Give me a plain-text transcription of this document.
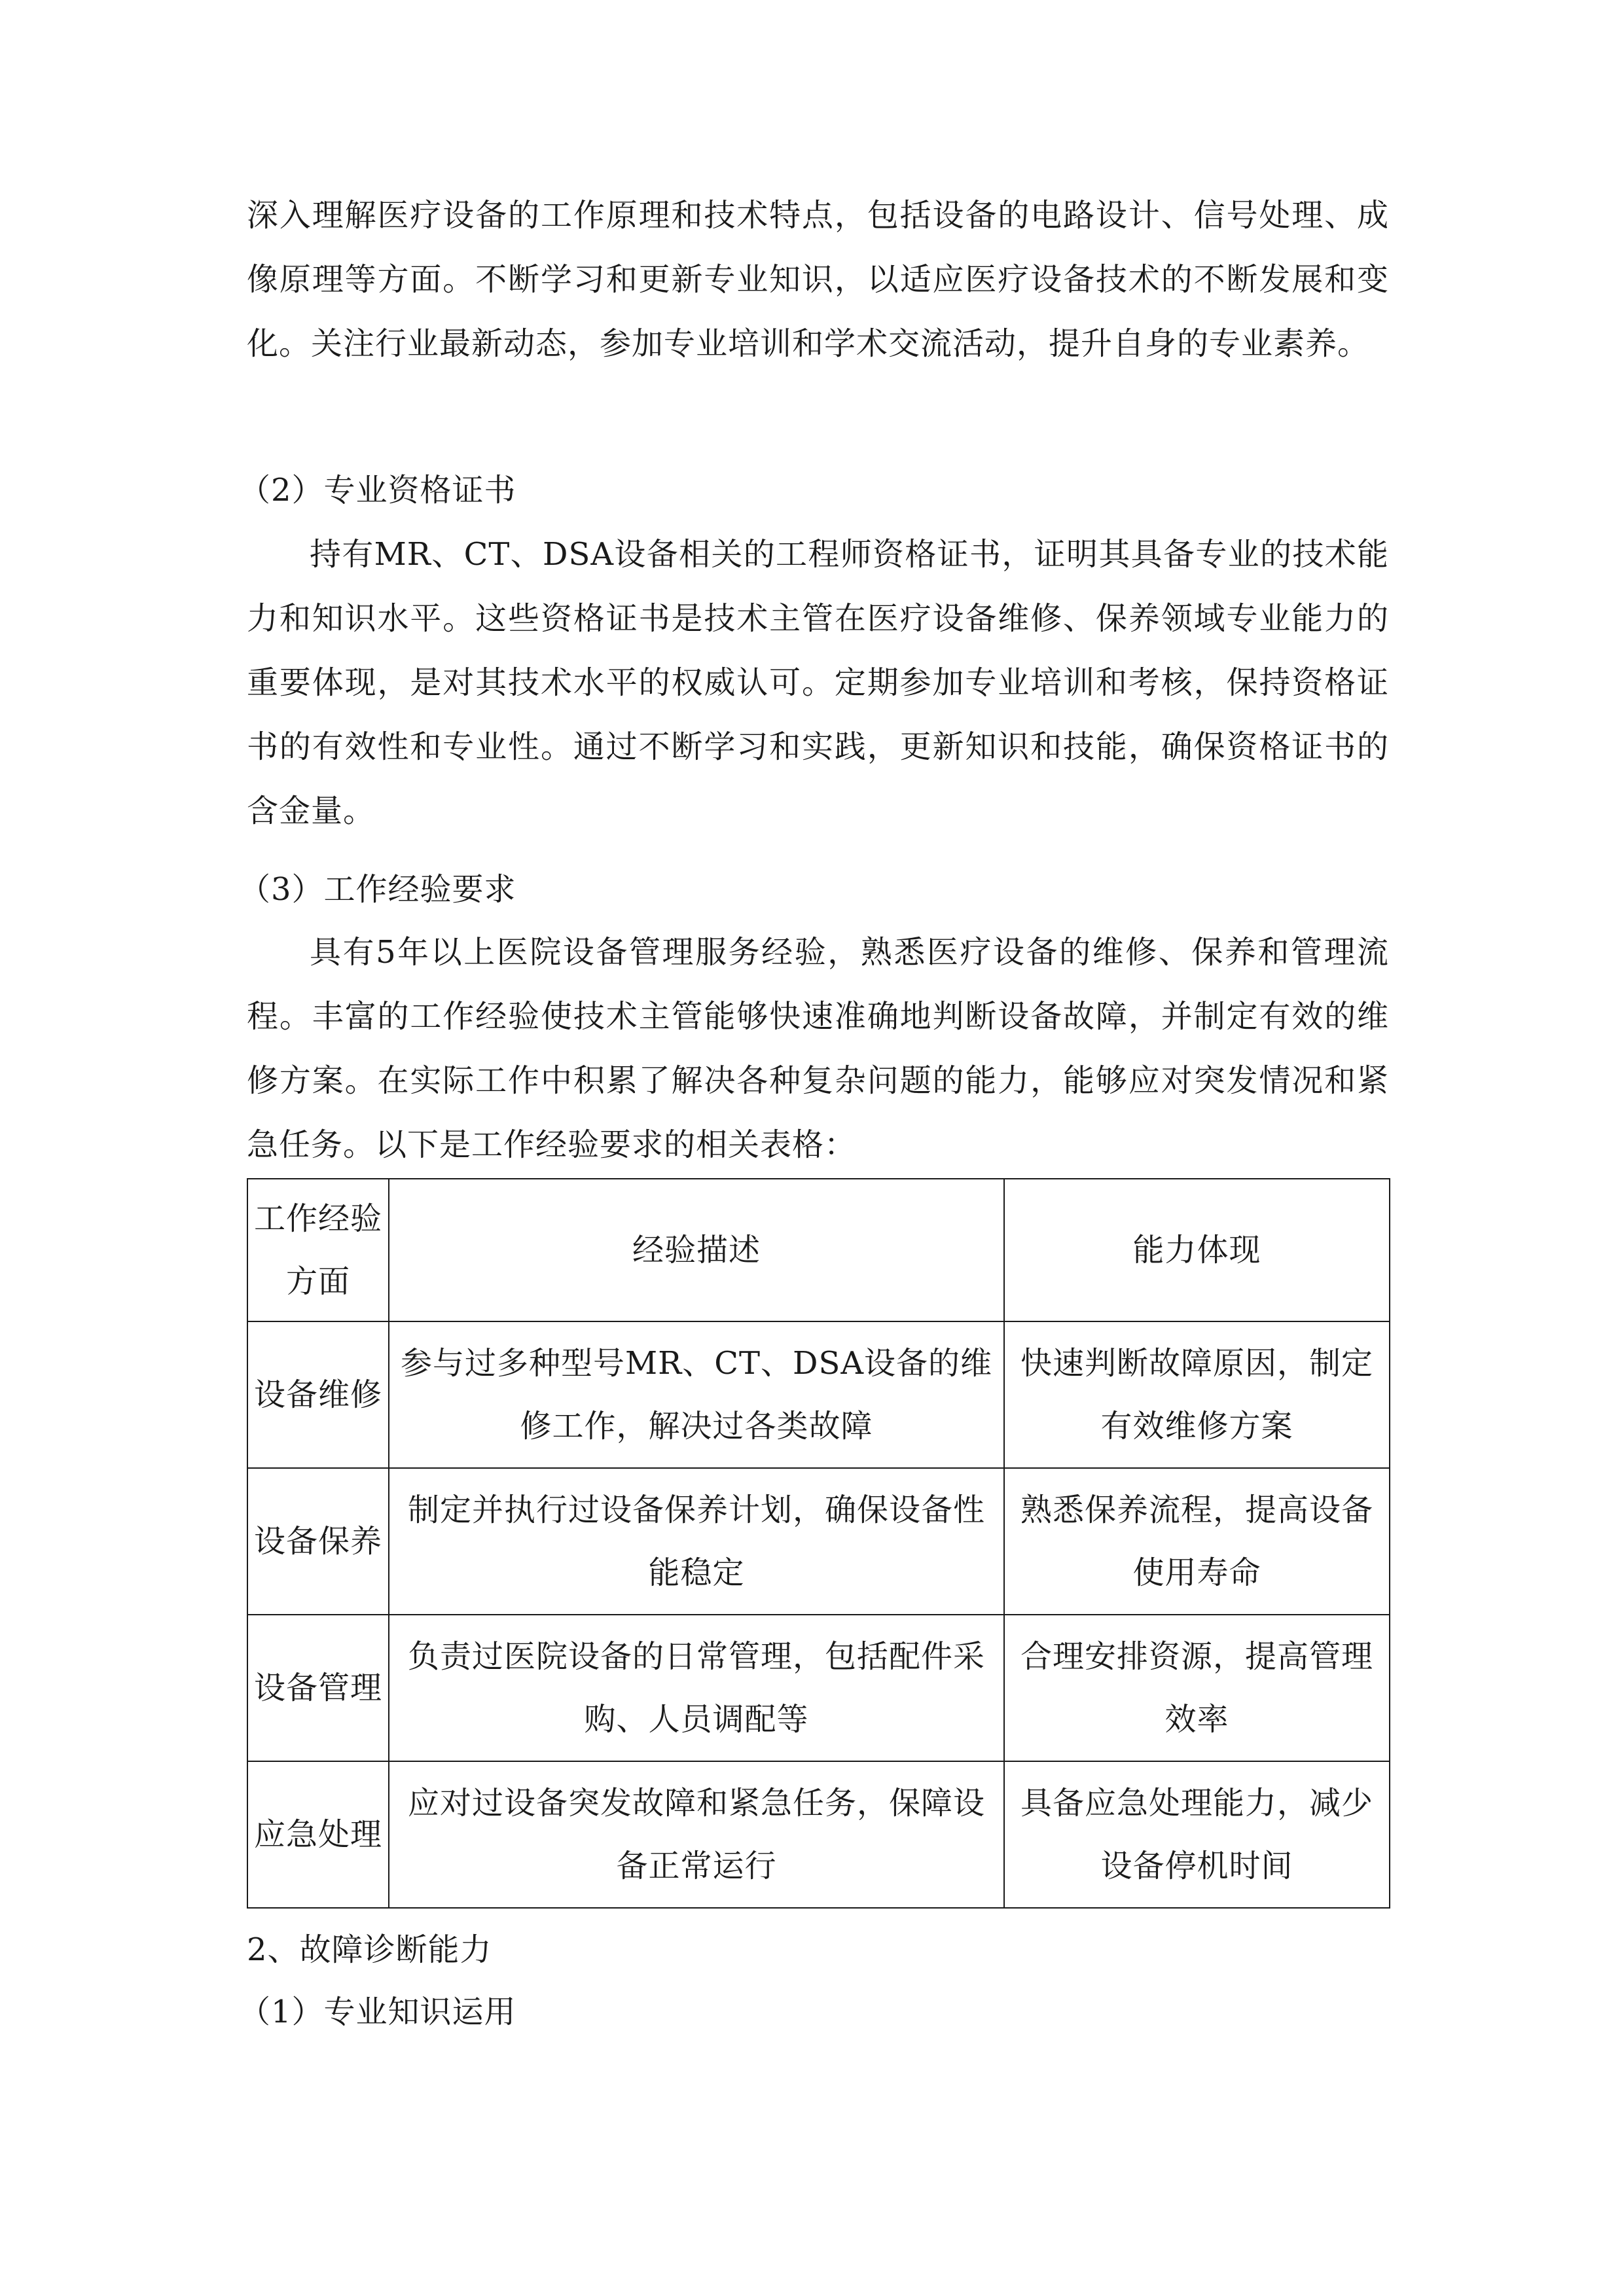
深入理解医疗设备的工作原理和技术特点，包括设备的电路设计、信号处理、成像原理等方面。不断学习和更新专业知识，以适应医疗设备技术的不断发展和变化。关注行业最新动态，参加专业培训和学术交流活动，提升自身的专业素养。

（2）专业资格证书

持有MR、CT、DSA设备相关的工程师资格证书，证明其具备专业的技术能力和知识水平。这些资格证书是技术主管在医疗设备维修、保养领域专业能力的重要体现，是对其技术水平的权威认可。定期参加专业培训和考核，保持资格证书的有效性和专业性。通过不断学习和实践，更新知识和技能，确保资格证书的含金量。

（3）工作经验要求

具有5年以上医院设备管理服务经验，熟悉医疗设备的维修、保养和管理流程。丰富的工作经验使技术主管能够快速准确地判断设备故障，并制定有效的维修方案。在实际工作中积累了解决各种复杂问题的能力，能够应对突发情况和紧急任务。以下是工作经验要求的相关表格：

工作经验方面	经验描述	能力体现
设备维修	参与过多种型号MR、CT、DSA设备的维修工作，解决过各类故障	快速判断故障原因，制定有效维修方案
设备保养	制定并执行过设备保养计划，确保设备性能稳定	熟悉保养流程，提高设备使用寿命
设备管理	负责过医院设备的日常管理，包括配件采购、人员调配等	合理安排资源，提高管理效率
应急处理	应对过设备突发故障和紧急任务，保障设备正常运行	具备应急处理能力，减少设备停机时间

2、故障诊断能力

（1）专业知识运用
